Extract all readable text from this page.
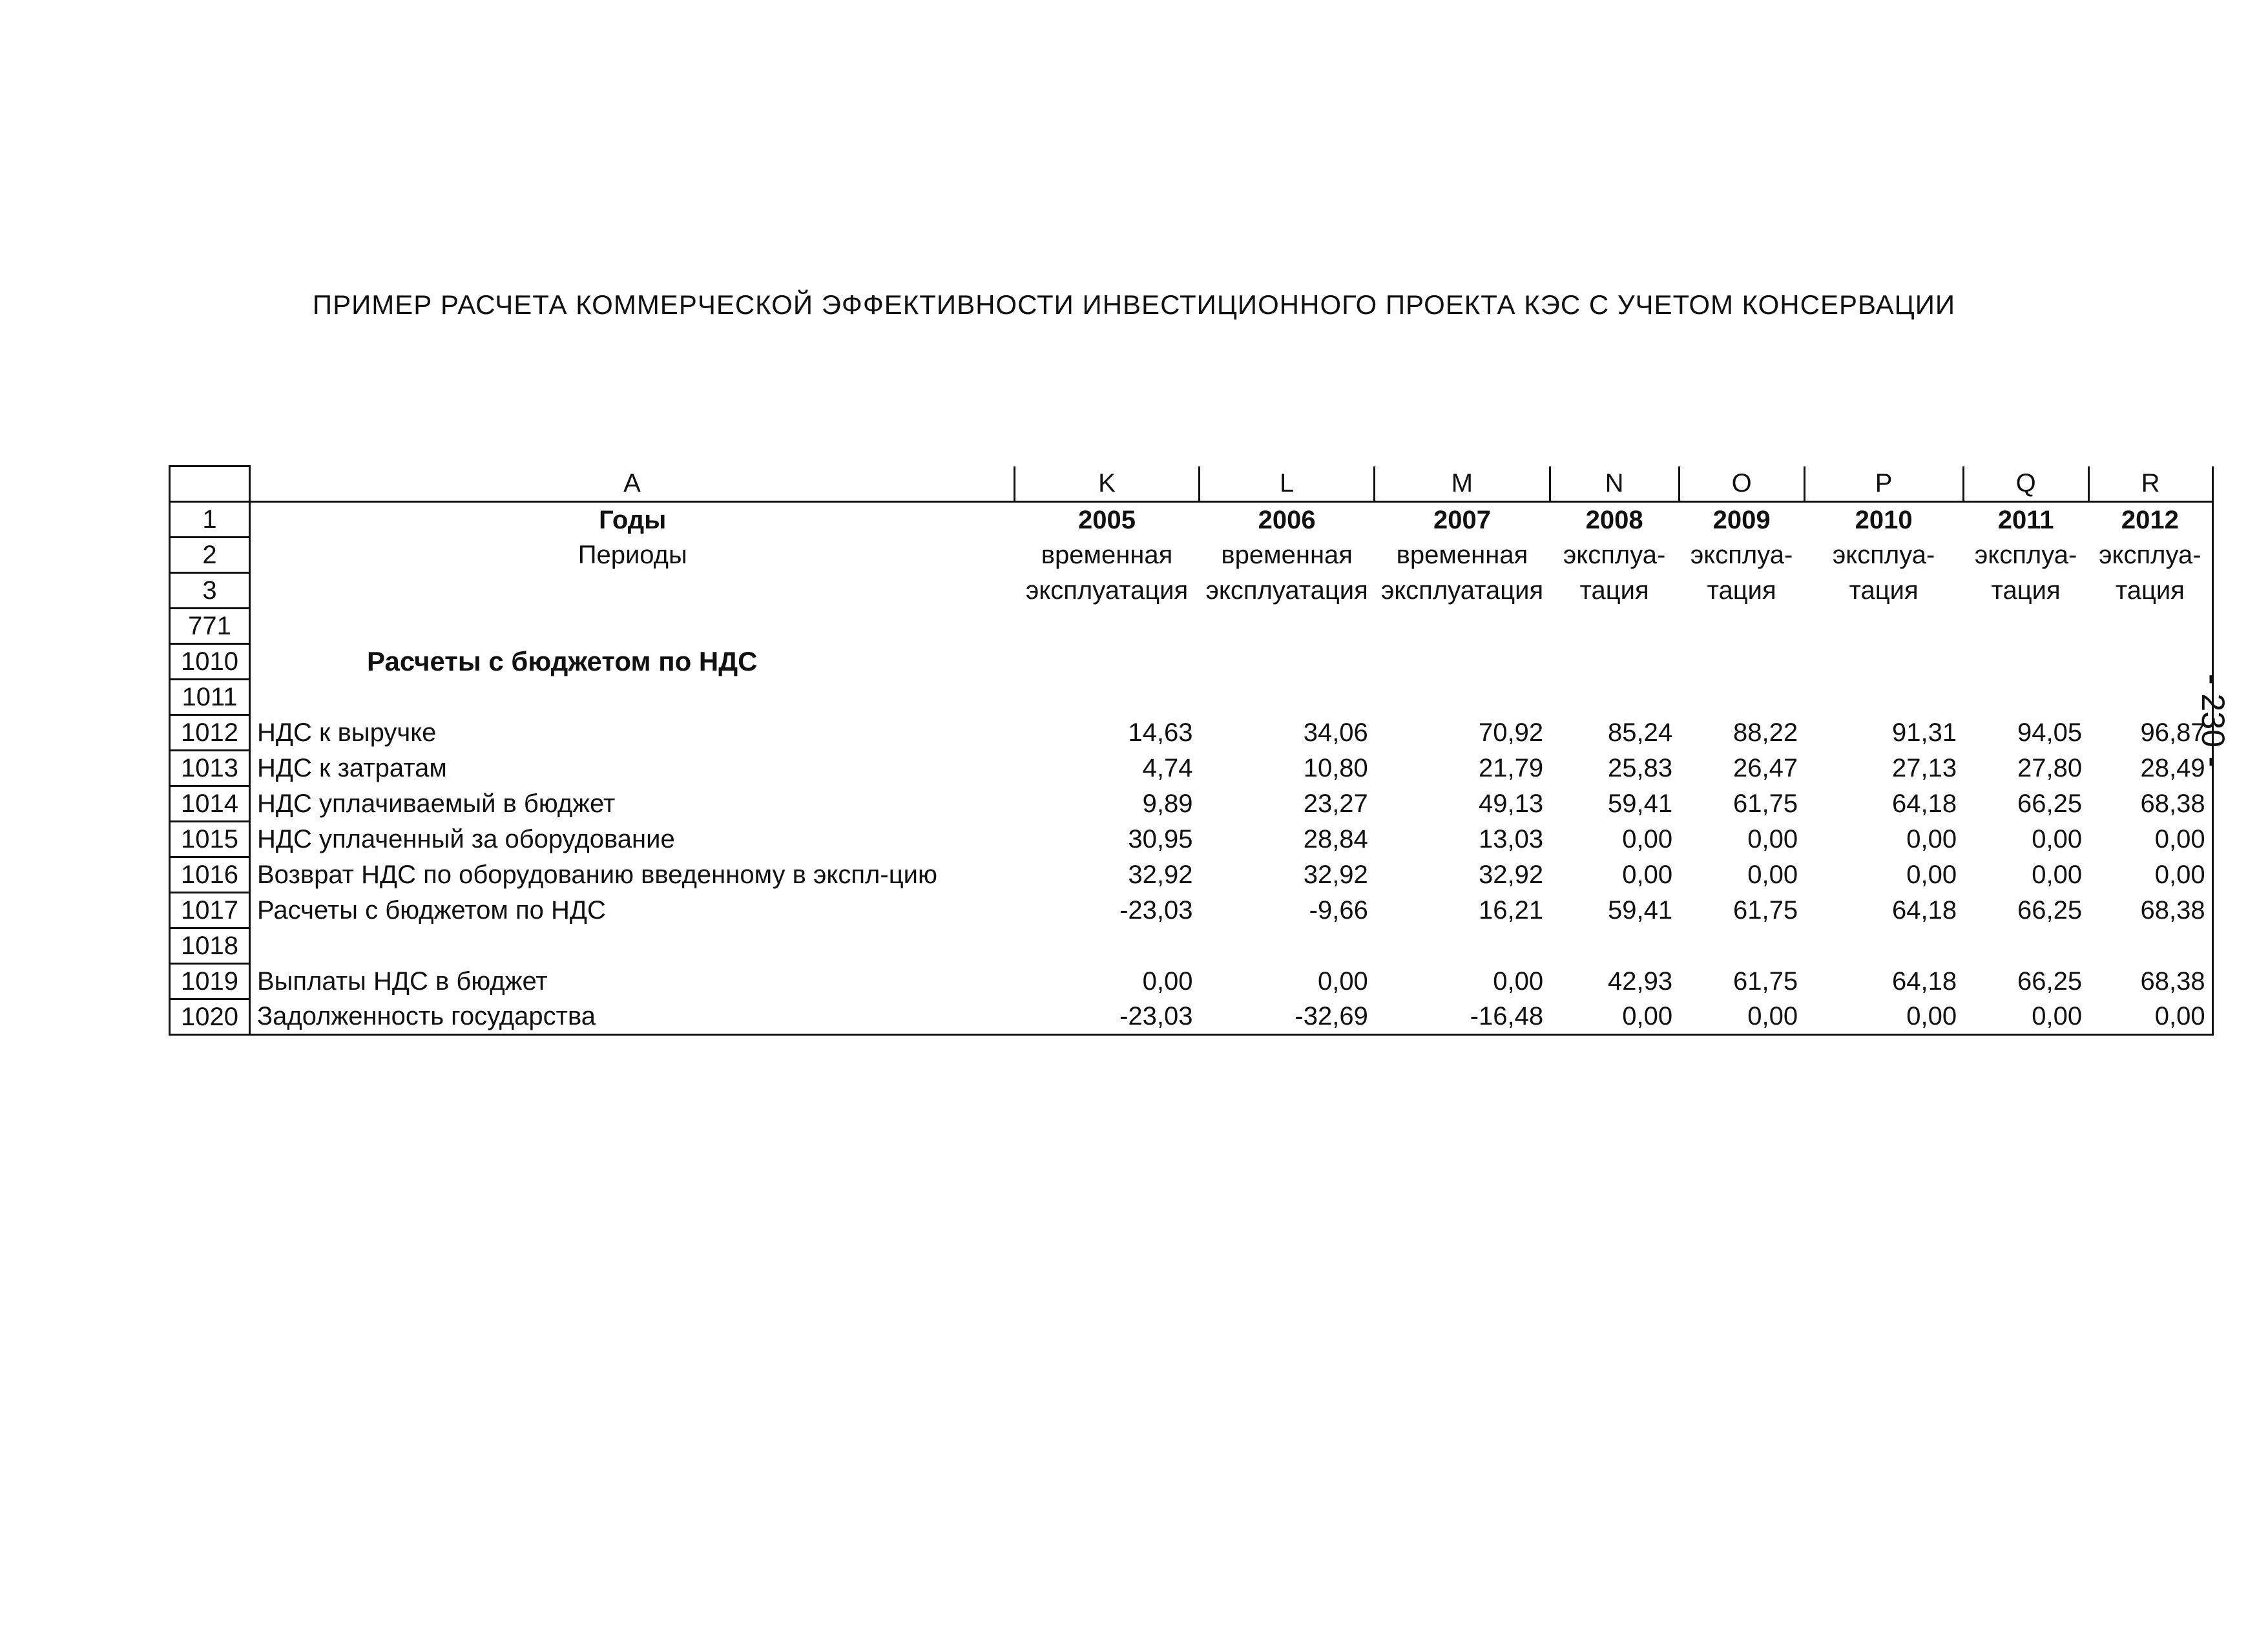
ПРИМЕР РАСЧЕТА КОММЕРЧЕСКОЙ ЭФФЕКТИВНОСТИ ИНВЕСТИЦИОННОГО ПРОЕКТА КЭС С УЧЕТОМ КОНСЕРВАЦИИ
- 230 -
	A	K	L	M	N	O	P	Q	R
1	Годы	2005	2006	2007	2008	2009	2010	2011	2012
2	Периоды	временная	временная	временная	эксплуа-	эксплуа-	эксплуа-	эксплуа-	эксплуа-
3		эксплуатация	эксплуатация	эксплуатация	тация	тация	тация	тация	тация
771									
1010	Расчеты с бюджетом по НДС								
1011									
1012	НДС к выручке	14,63	34,06	70,92	85,24	88,22	91,31	94,05	96,87
1013	НДС к затратам	4,74	10,80	21,79	25,83	26,47	27,13	27,80	28,49
1014	НДС уплачиваемый в бюджет	9,89	23,27	49,13	59,41	61,75	64,18	66,25	68,38
1015	НДС уплаченный за оборудование	30,95	28,84	13,03	0,00	0,00	0,00	0,00	0,00
1016	Возврат НДС по оборудованию введенному в экспл-цию	32,92	32,92	32,92	0,00	0,00	0,00	0,00	0,00
1017	Расчеты с бюджетом по НДС	-23,03	-9,66	16,21	59,41	61,75	64,18	66,25	68,38
1018									
1019	Выплаты НДС в бюджет	0,00	0,00	0,00	42,93	61,75	64,18	66,25	68,38
1020	Задолженность государства	-23,03	-32,69	-16,48	0,00	0,00	0,00	0,00	0,00
